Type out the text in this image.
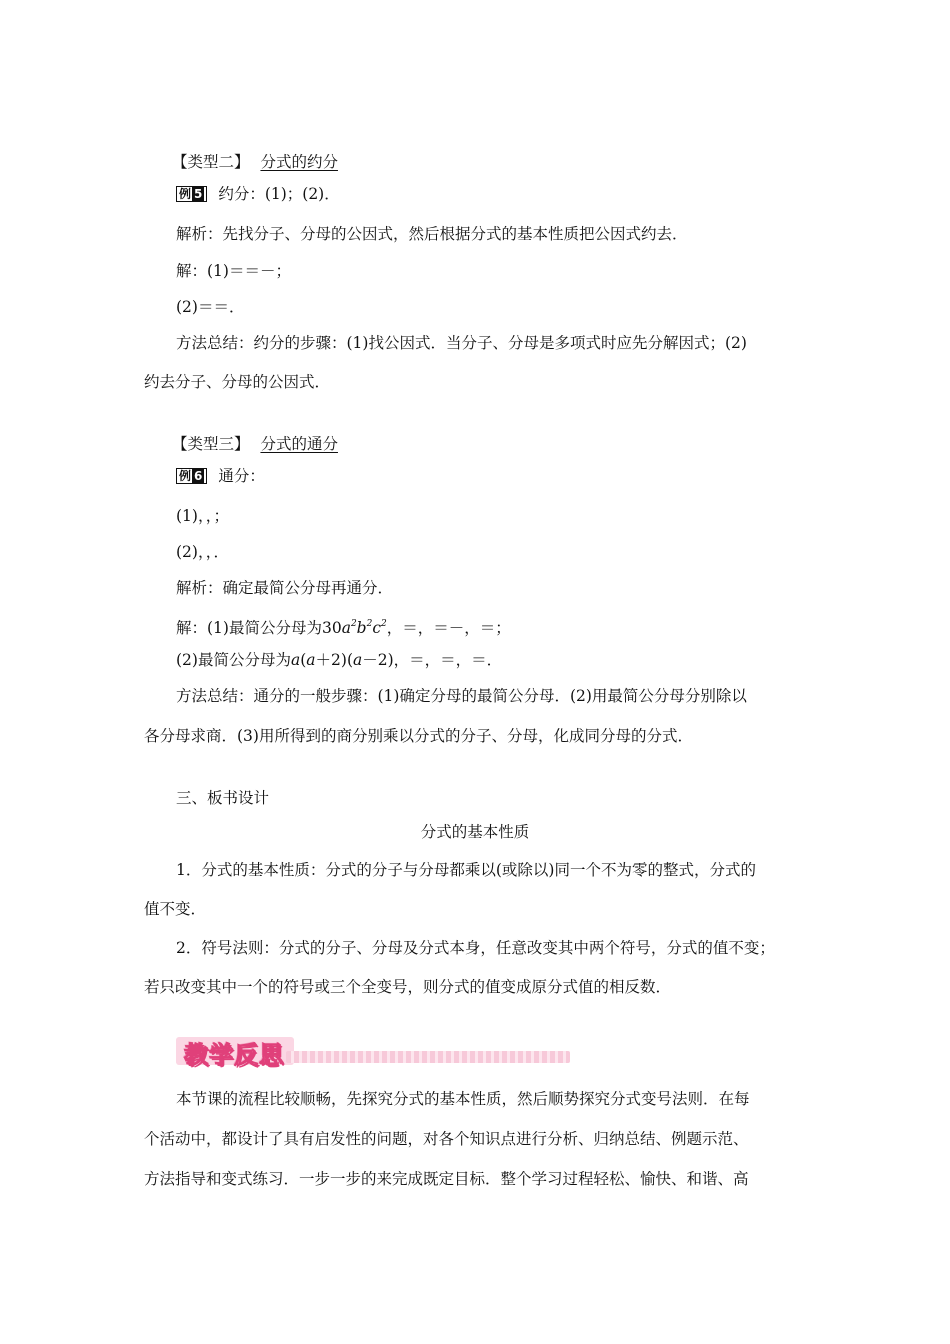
【类型二】 分式的约分
例 5 约分：(1)；(2)．
解析：先找分子、分母的公因式，然后根据分式的基本性质把公因式约去．
解：(1)＝＝－；
(2)＝＝．
方法总结：约分的步骤：(1)找公因式．当分子、分母是多项式时应先分解因式；(2)
约去分子、分母的公因式．
【类型三】 分式的通分
例 6 通分：
(1)，，；
(2)，，．
解析：确定最简公分母再通分．
解：(1)最简公分母为$30a^2b^2c^2$，＝，＝－，＝；
(2)最简公分母为a(a＋2)(a－2)，＝，＝，＝．
方法总结：通分的一般步骤：(1)确定分母的最简公分母．(2)用最简公分母分别除以
各分母求商．(3)用所得到的商分别乘以分式的分子、分母，化成同分母的分式．
三、板书设计
分式的基本性质
1．分式的基本性质：分式的分子与分母都乘以(或除以)同一个不为零的整式，分式的
值不变．
2．符号法则：分式的分子、分母及分式本身，任意改变其中两个符号，分式的值不变；
若只改变其中一个的符号或三个全变号，则分式的值变成原分式值的相反数．
教学反思
本节课的流程比较顺畅，先探究分式的基本性质，然后顺势探究分式变号法则．在每
个活动中，都设计了具有启发性的问题，对各个知识点进行分析、归纳总结、例题示范、
方法指导和变式练习．一步一步的来完成既定目标．整个学习过程轻松、愉快、和谐、高
